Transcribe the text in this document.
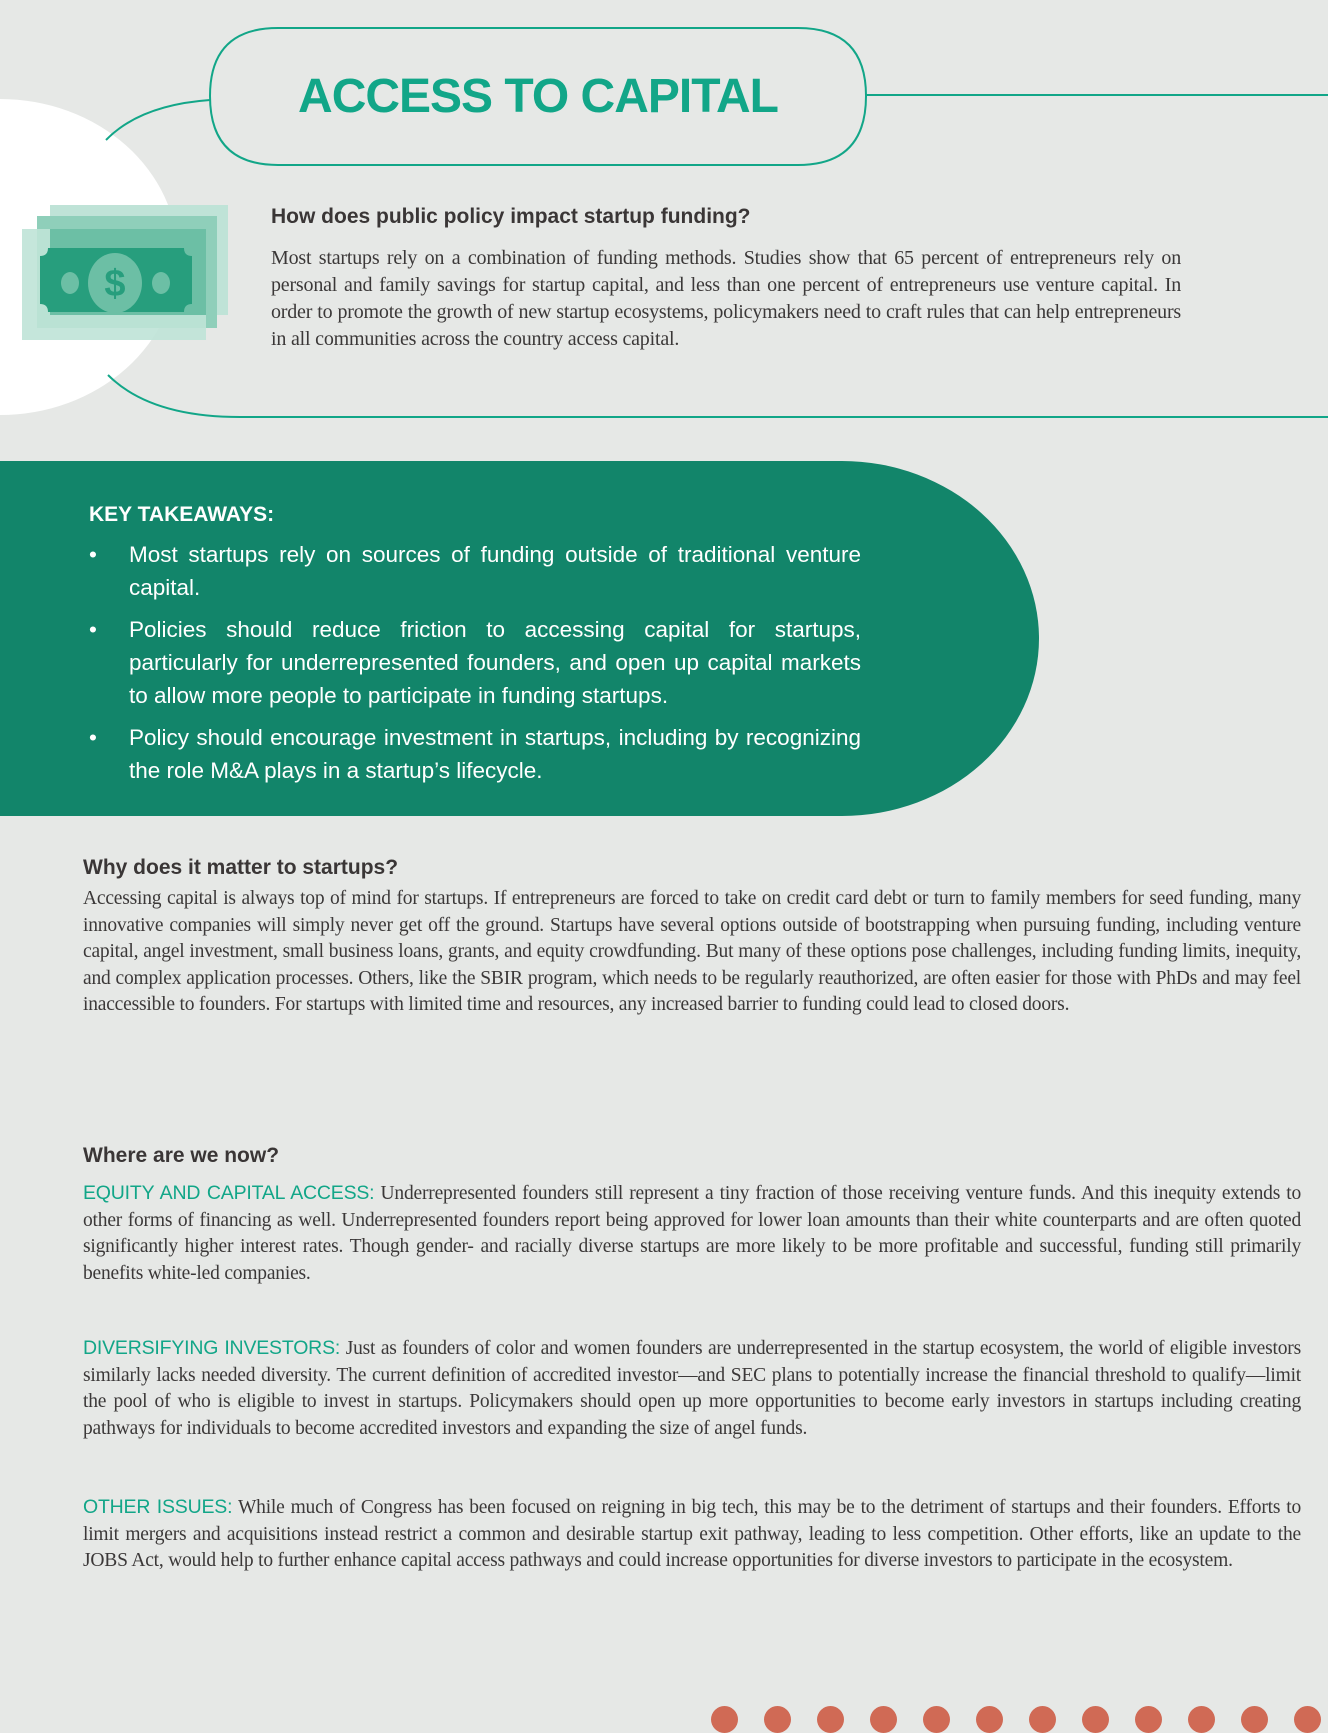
$
ACCESS TO CAPITAL
How does public policy impact startup funding?
Most startups rely on a combination of funding methods. Studies show that 65 percent of entrepreneurs rely on personal and family savings for startup capital, and less than one percent of entrepreneurs use venture capital. In order to promote the growth of new startup ecosystems, policymakers need to craft rules that can help entrepreneurs in all communities across the country access capital.
KEY TAKEAWAYS:
• Most startups rely on sources of funding outside of traditional venture capital.
• Policies should reduce friction to accessing capital for startups, particularly for underrepresented founders, and open up capital markets to allow more people to participate in funding startups.
• Policy should encourage investment in startups, including by recognizing the role M&A plays in a startup’s lifecycle.
Why does it matter to startups?
Accessing capital is always top of mind for startups. If entrepreneurs are forced to take on credit card debt or turn to family members for seed funding, many innovative companies will simply never get off the ground. Startups have several options outside of bootstrapping when pursuing funding, including venture capital, angel investment, small business loans, grants, and equity crowdfunding. But many of these options pose challenges, including funding limits, inequity, and complex application processes. Others, like the SBIR program, which needs to be regularly reauthorized, are often easier for those with PhDs and may feel inaccessible to founders. For startups with limited time and resources, any increased barrier to funding could lead to closed doors.
Where are we now?
EQUITY AND CAPITAL ACCESS: Underrepresented founders still represent a tiny fraction of those receiving venture funds. And this inequity extends to other forms of financing as well. Underrepresented founders report being approved for lower loan amounts than their white counterparts and are often quoted significantly higher interest rates. Though gender- and racially diverse startups are more likely to be more profitable and successful, funding still primarily benefits white-led companies.
DIVERSIFYING INVESTORS: Just as founders of color and women founders are underrepresented in the startup ecosystem, the world of eligible investors similarly lacks needed diversity. The current definition of accredited investor—and SEC plans to potentially increase the financial threshold to qualify—limit the pool of who is eligible to invest in startups. Policymakers should open up more opportunities to become early investors in startups including creating pathways for individuals to become accredited investors and expanding the size of angel funds.
OTHER ISSUES: While much of Congress has been focused on reigning in big tech, this may be to the detriment of startups and their founders. Efforts to limit mergers and acquisitions instead restrict a common and desirable startup exit pathway, leading to less competition. Other efforts, like an update to the JOBS Act, would help to further enhance capital access pathways and could increase opportunities for diverse investors to participate in the ecosystem.
